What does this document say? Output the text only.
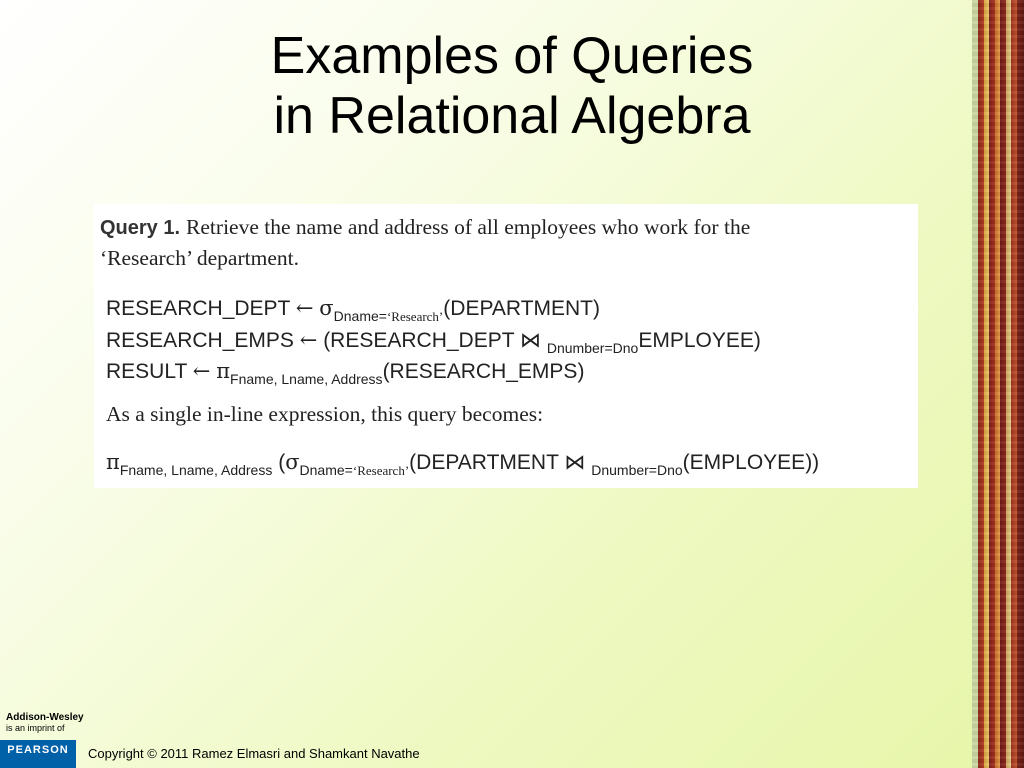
Examples of Queries
in Relational Algebra
Query 1. Retrieve the name and address of all employees who work for the
‘Research’ department.
RESEARCH_DEPT ← $\sigma_{Dname=‘Research’}(DEPARTMENT)$
RESEARCH_EMPS ← (RESEARCH_DEPT ⋈ $_{Dnumber=Dno}$EMPLOYEE)
RESULT ← $\pi_{Fname, Lname, Address}(RESEARCH\_EMPS)$
As a single in-line expression, this query becomes:
$\pi_{Fname, Lname, Address}$ ($\sigma_{Dname=‘Research’}(DEPARTMENT$ ⋈ $_{Dnumber=Dno}$(EMPLOYEE))
Addison-Wesley
is an imprint of
PEARSON	Copyright © 2011 Ramez Elmasri and Shamkant Navathe
